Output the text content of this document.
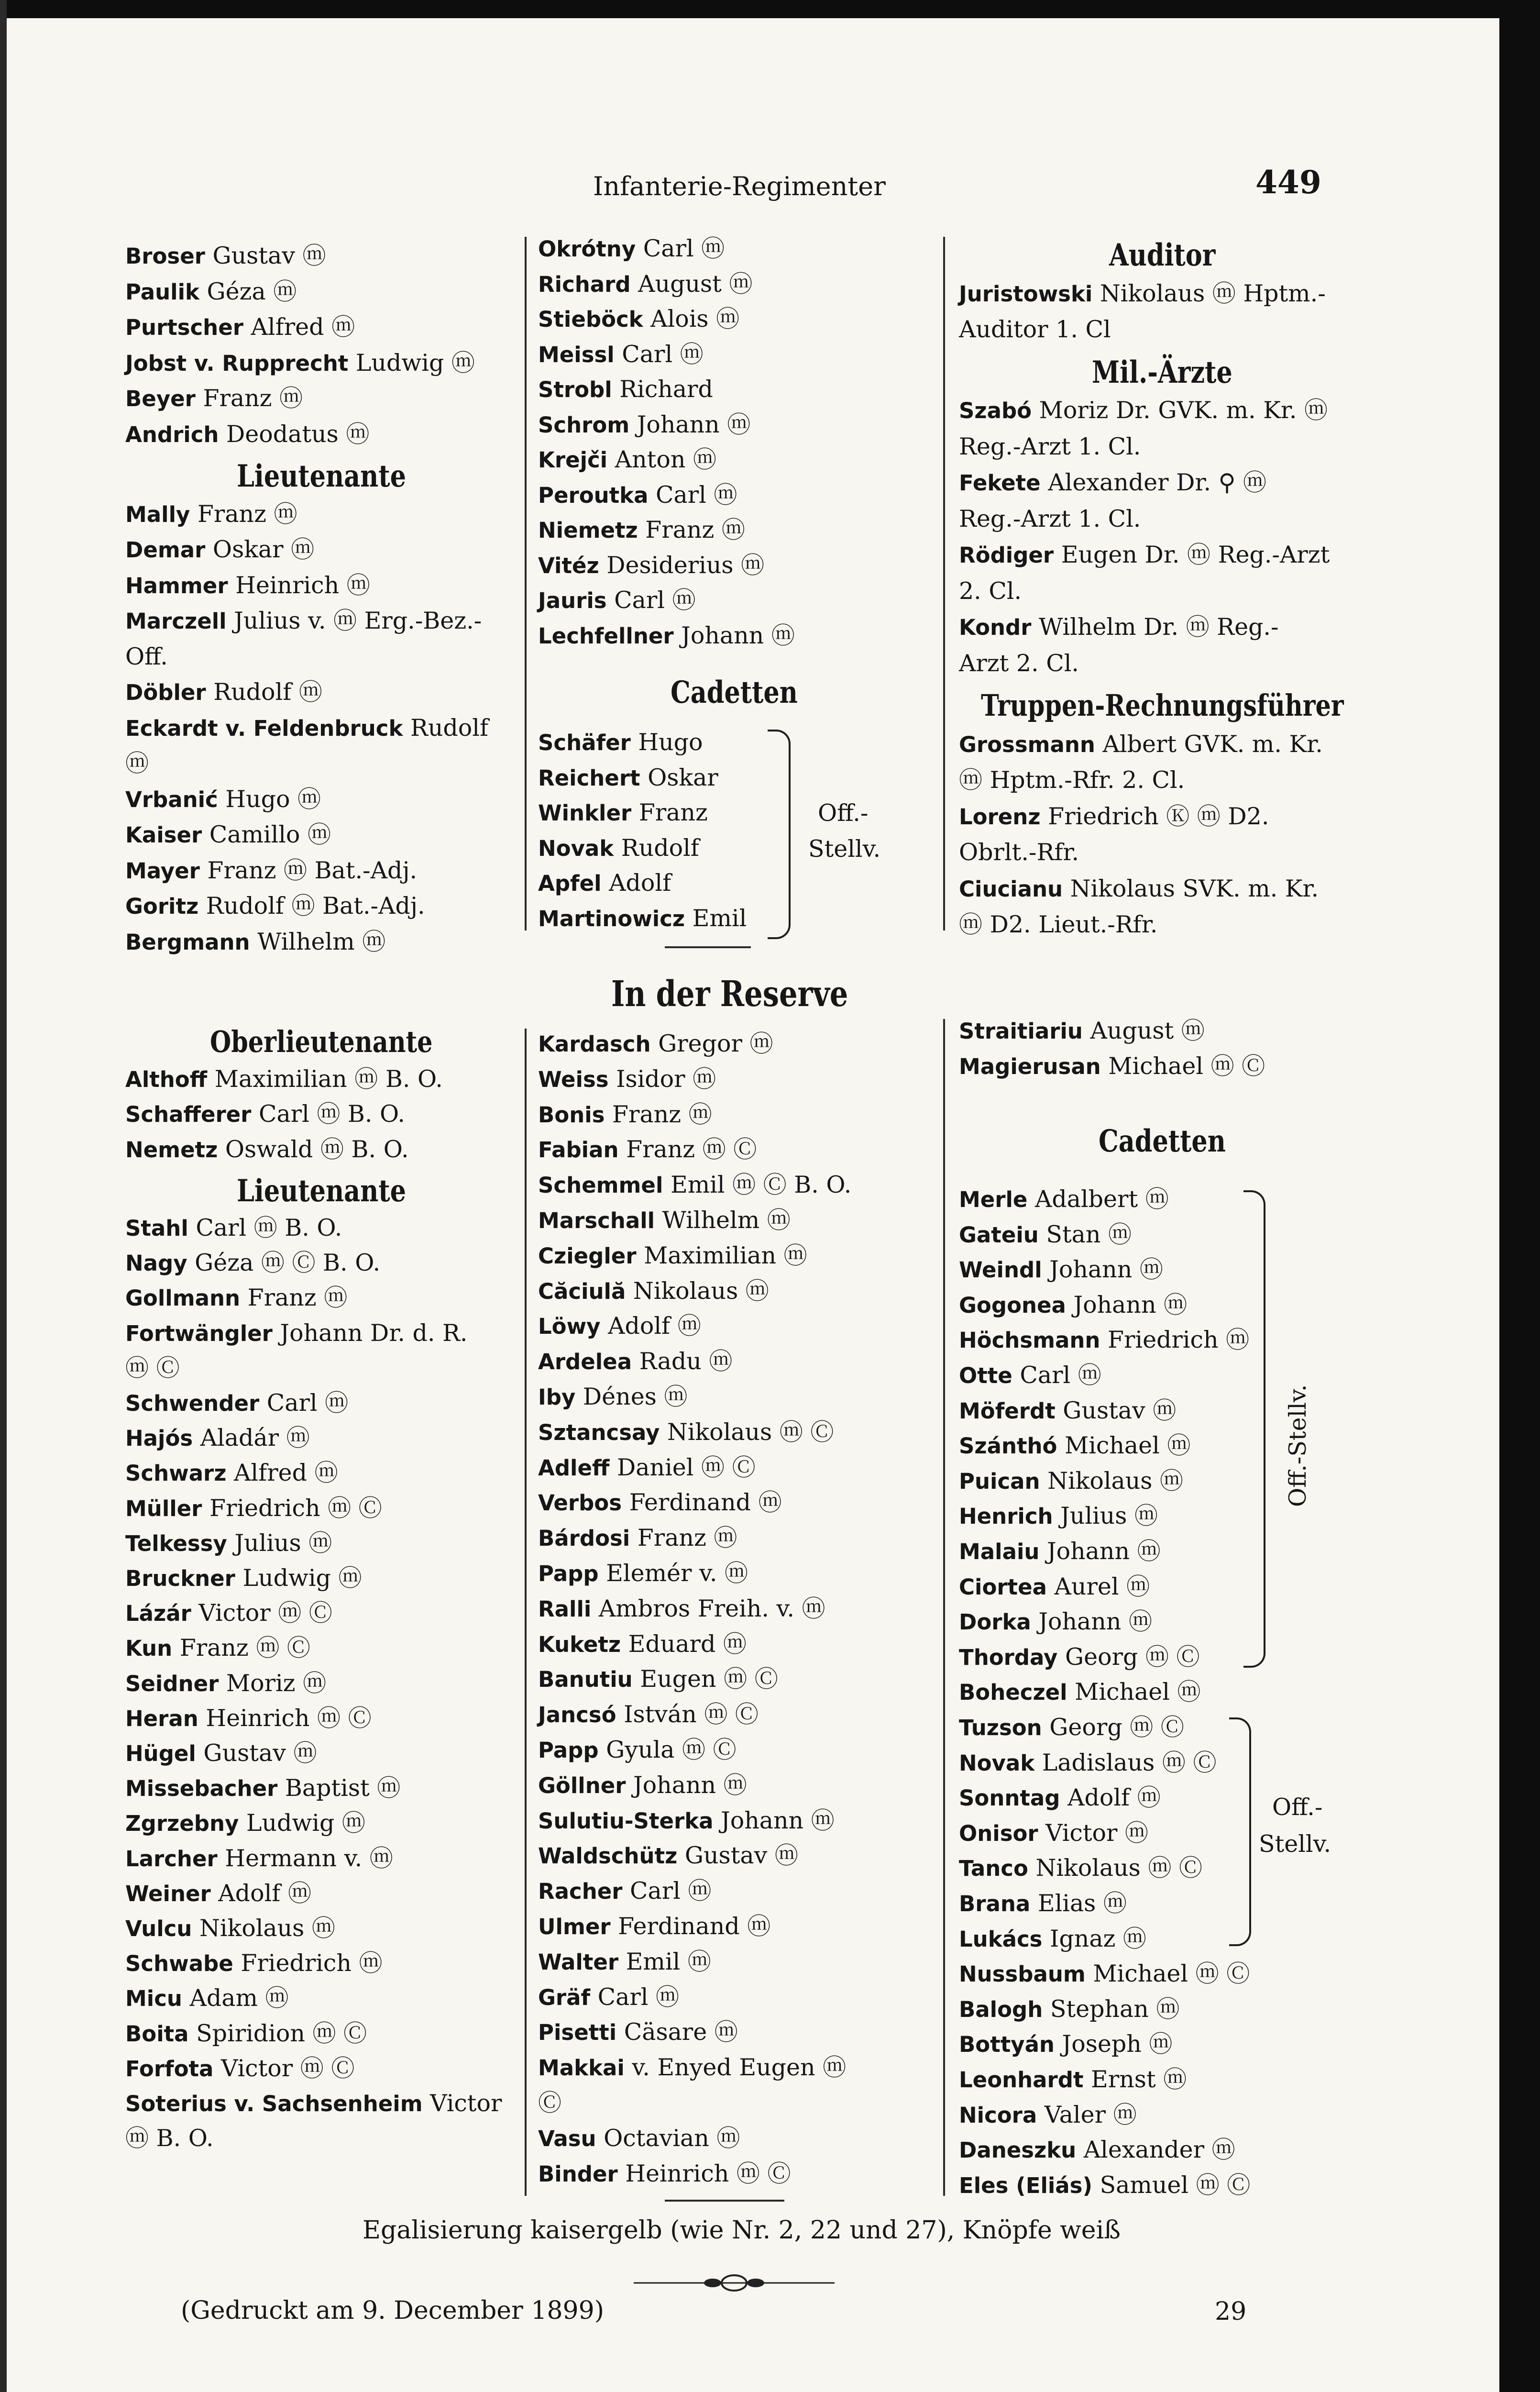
Infanterie-Regimenter	449
In der Reserve
Egalisierung kaisergelb (wie Nr. 2, 22 und 27), Knöpfe weiß
(Gedruckt am 9. December 1899)	29
Broser Gustav ⓜ
Paulik Géza ⓜ
Purtscher Alfred ⓜ
Jobst v. Rupprecht Ludwig ⓜ
Beyer Franz ⓜ
Andrich Deodatus ⓜ
Lieutenante
Mally Franz ⓜ
Demar Oskar ⓜ
Hammer Heinrich ⓜ
Marczell Julius v. ⓜ Erg.-Bez.-
Off.
Döbler Rudolf ⓜ
Eckardt v. Feldenbruck Rudolf
ⓜ
Vrbanić Hugo ⓜ
Kaiser Camillo ⓜ
Mayer Franz ⓜ Bat.-Adj.
Goritz Rudolf ⓜ Bat.-Adj.
Bergmann Wilhelm ⓜ
Okrótny Carl ⓜ
Richard August ⓜ
Stieböck Alois ⓜ
Meissl Carl ⓜ
Strobl Richard
Schrom Johann ⓜ
Krejči Anton ⓜ
Peroutka Carl ⓜ
Niemetz Franz ⓜ
Vitéz Desiderius ⓜ
Jauris Carl ⓜ
Lechfellner Johann ⓜ
Auditor
Juristowski Nikolaus ⓜ Hptm.-
Auditor 1. Cl
Mil.-Ärzte
Szabó Moriz Dr. GVK. m. Kr. ⓜ
Reg.-Arzt 1. Cl.
Fekete Alexander Dr. ⚲ ⓜ
Reg.-Arzt 1. Cl.
Rödiger Eugen Dr. ⓜ Reg.-Arzt
2. Cl.
Kondr Wilhelm Dr. ⓜ Reg.-
Arzt 2. Cl.
Truppen-Rechnungsführer
Grossmann Albert GVK. m. Kr.
ⓜ Hptm.-Rfr. 2. Cl.
Lorenz Friedrich Ⓚ ⓜ D2.
Obrlt.-Rfr.
Ciucianu Nikolaus SVK. m. Kr.
ⓜ D2. Lieut.-Rfr.
Oberlieutenante
Althoff Maximilian ⓜ B. O.
Schafferer Carl ⓜ B. O.
Nemetz Oswald ⓜ B. O.
Lieutenante
Stahl Carl ⓜ B. O.
Nagy Géza ⓜ Ⓒ B. O.
Gollmann Franz ⓜ
Fortwängler Johann Dr. d. R.
ⓜ Ⓒ
Schwender Carl ⓜ
Hajós Aladár ⓜ
Schwarz Alfred ⓜ
Müller Friedrich ⓜ Ⓒ
Telkessy Julius ⓜ
Bruckner Ludwig ⓜ
Lázár Victor ⓜ Ⓒ
Kun Franz ⓜ Ⓒ
Seidner Moriz ⓜ
Heran Heinrich ⓜ Ⓒ
Hügel Gustav ⓜ
Missebacher Baptist ⓜ
Zgrzebny Ludwig ⓜ
Larcher Hermann v. ⓜ
Weiner Adolf ⓜ
Vulcu Nikolaus ⓜ
Schwabe Friedrich ⓜ
Micu Adam ⓜ
Boita Spiridion ⓜ Ⓒ
Forfota Victor ⓜ Ⓒ
Soterius v. Sachsenheim Victor
ⓜ B. O.
Kardasch Gregor ⓜ
Weiss Isidor ⓜ
Bonis Franz ⓜ
Fabian Franz ⓜ Ⓒ
Schemmel Emil ⓜ Ⓒ B. O.
Marschall Wilhelm ⓜ
Cziegler Maximilian ⓜ
Căciulă Nikolaus ⓜ
Löwy Adolf ⓜ
Ardelea Radu ⓜ
Iby Dénes ⓜ
Sztancsay Nikolaus ⓜ Ⓒ
Adleff Daniel ⓜ Ⓒ
Verbos Ferdinand ⓜ
Bárdosi Franz ⓜ
Papp Elemér v. ⓜ
Ralli Ambros Freih. v. ⓜ
Kuketz Eduard ⓜ
Banutiu Eugen ⓜ Ⓒ
Jancsó István ⓜ Ⓒ
Papp Gyula ⓜ Ⓒ
Göllner Johann ⓜ
Sulutiu-Sterka Johann ⓜ
Waldschütz Gustav ⓜ
Racher Carl ⓜ
Ulmer Ferdinand ⓜ
Walter Emil ⓜ
Gräf Carl ⓜ
Pisetti Cäsare ⓜ
Makkai v. Enyed Eugen ⓜ
Ⓒ
Vasu Octavian ⓜ
Binder Heinrich ⓜ Ⓒ
Straitiariu August ⓜ
Magierusan Michael ⓜ Ⓒ
Cadetten
Schäfer Hugo
Reichert Oskar
Winkler Franz
Novak Rudolf
Apfel Adolf
Martinowicz Emil
Off.-
Stellv.
Cadetten
Merle Adalbert ⓜ
Gateiu Stan ⓜ
Weindl Johann ⓜ
Gogonea Johann ⓜ
Höchsmann Friedrich ⓜ
Otte Carl ⓜ
Möferdt Gustav ⓜ
Szánthó Michael ⓜ
Puican Nikolaus ⓜ
Henrich Julius ⓜ
Malaiu Johann ⓜ
Ciortea Aurel ⓜ
Dorka Johann ⓜ
Thorday Georg ⓜ Ⓒ
Boheczel Michael ⓜ
Tuzson Georg ⓜ Ⓒ
Novak Ladislaus ⓜ Ⓒ
Sonntag Adolf ⓜ
Onisor Victor ⓜ
Tanco Nikolaus ⓜ Ⓒ
Brana Elias ⓜ
Lukács Ignaz ⓜ
Nussbaum Michael ⓜ Ⓒ
Balogh Stephan ⓜ
Bottyán Joseph ⓜ
Leonhardt Ernst ⓜ
Nicora Valer ⓜ
Daneszku Alexander ⓜ
Eles (Eliás) Samuel ⓜ Ⓒ
Off.-Stellv.
Off.-
Stellv.
